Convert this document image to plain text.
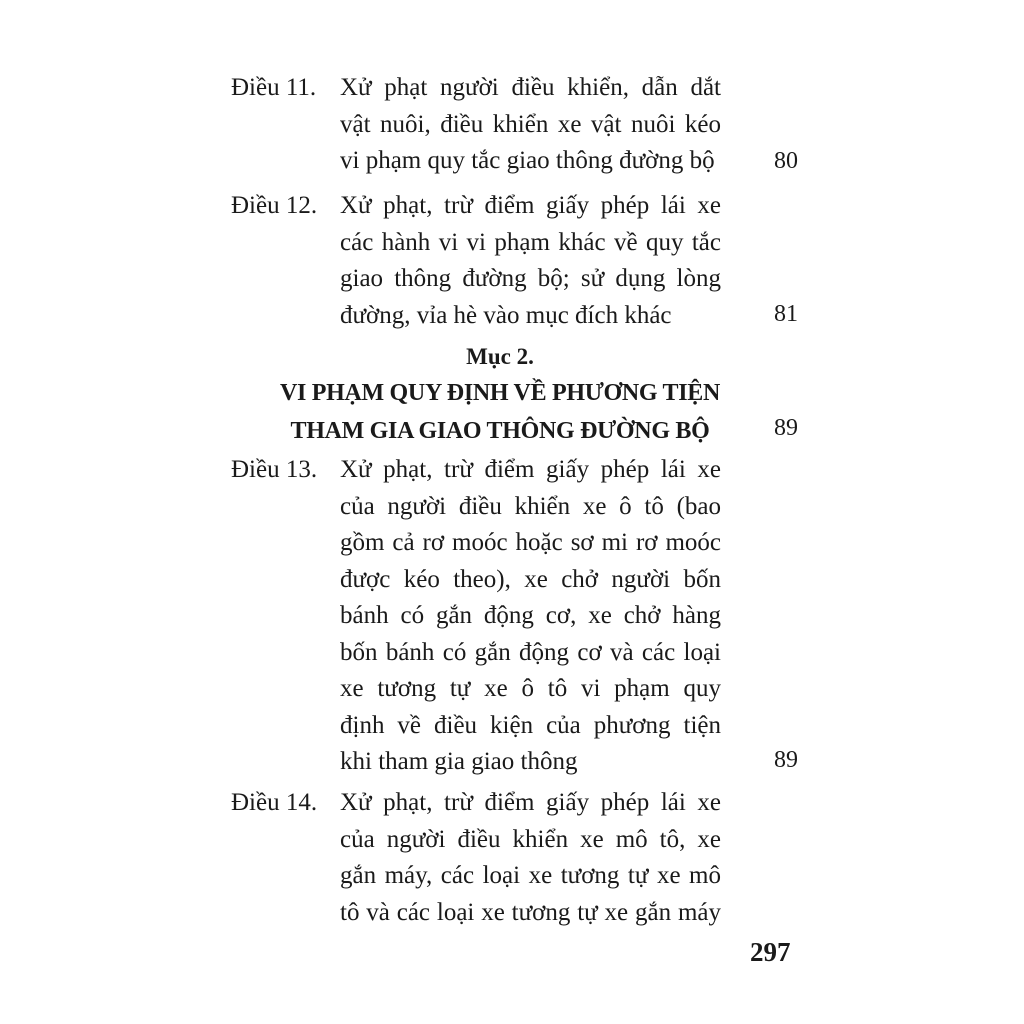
Điều 11. Xử phạt người điều khiển, dẫn dắt
vật nuôi, điều khiển xe vật nuôi kéo
vi phạm quy tắc giao thông đường bộ 80
Điều 12. Xử phạt, trừ điểm giấy phép lái xe
các hành vi vi phạm khác về quy tắc
giao thông đường bộ; sử dụng lòng
đường, vỉa hè vào mục đích khác	81
Mục 2.
VI PHẠM QUY ĐỊNH VỀ PHƯƠNG TIỆN
THAM GIA GIAO THÔNG ĐƯỜNG BỘ	89
Điều 13. Xử phạt, trừ điểm giấy phép lái xe
của người điều khiển xe ô tô (bao
gồm cả rơ moóc hoặc sơ mi rơ moóc
được kéo theo), xe chở người bốn
bánh có gắn động cơ, xe chở hàng
bốn bánh có gắn động cơ và các loại
xe tương tự xe ô tô vi phạm quy
định về điều kiện của phương tiện
khi tham gia giao thông	89
Điều 14. Xử phạt, trừ điểm giấy phép lái xe
của người điều khiển xe mô tô, xe
gắn máy, các loại xe tương tự xe mô
tô và các loại xe tương tự xe gắn máy
297
